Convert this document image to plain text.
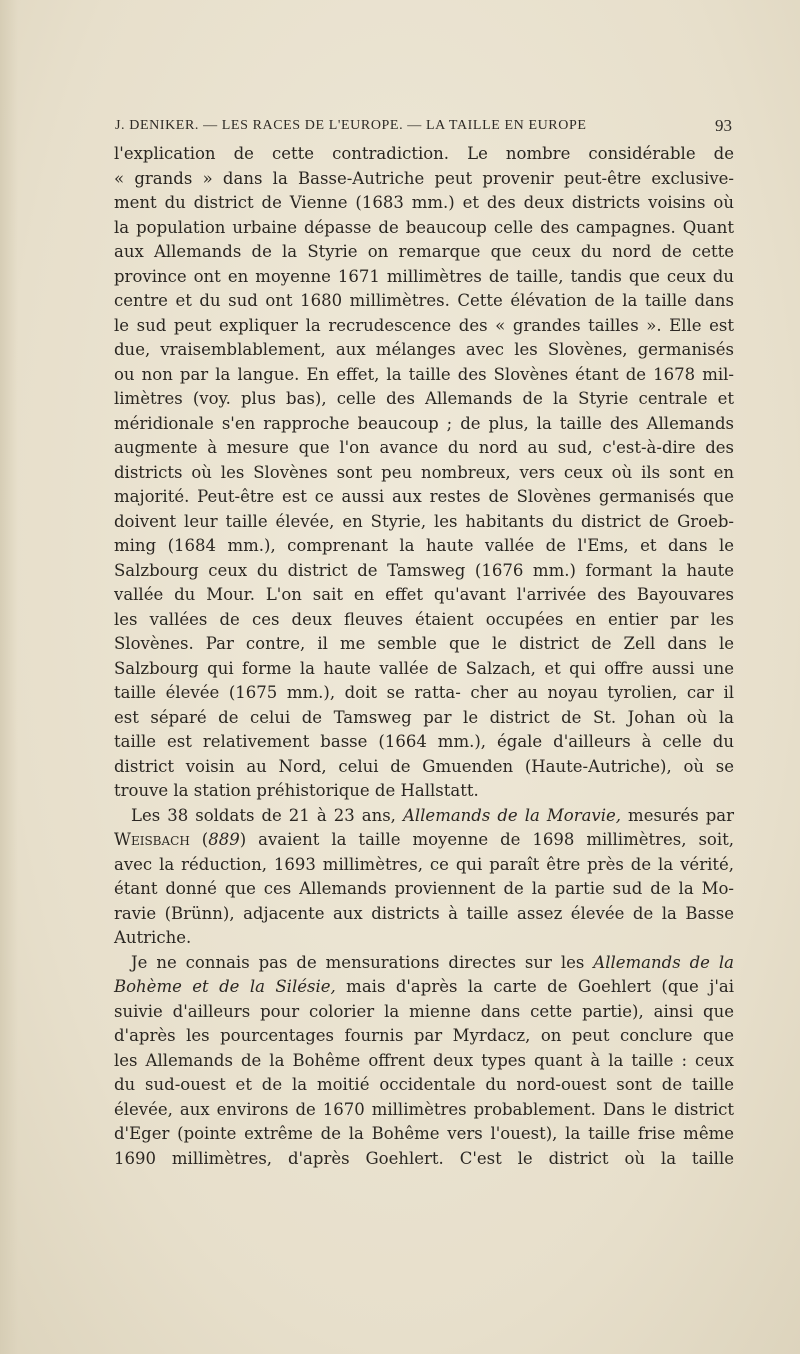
J. DENIKER. — LES RACES DE L'EUROPE. — LA TAILLE EN EUROPE	93
l'explication de cette contradiction. Le nombre considérable de
« grands » dans la Basse-Autriche peut provenir peut-être exclusive-
ment du district de Vienne (1683 mm.) et des deux districts voisins où
la population urbaine dépasse de beaucoup celle des campagnes. Quant
aux Allemands de la Styrie on remarque que ceux du nord de cette
province ont en moyenne 1671 millimètres de taille, tandis que ceux du
centre et du sud ont 1680 millimètres. Cette élévation de la taille dans
le sud peut expliquer la recrudescence des « grandes tailles ». Elle est
due, vraisemblablement, aux mélanges avec les Slovènes, germanisés
ou non par la langue. En effet, la taille des Slovènes étant de 1678 mil-
limètres (voy. plus bas), celle des Allemands de la Styrie centrale et
méridionale s'en rapproche beaucoup ; de plus, la taille des Allemands
augmente à mesure que l'on avance du nord au sud, c'est-à-dire des
districts où les Slovènes sont peu nombreux, vers ceux où ils sont en
majorité. Peut-être est ce aussi aux restes de Slovènes germanisés que
doivent leur taille élevée, en Styrie, les habitants du district de Groeb-
ming (1684 mm.), comprenant la haute vallée de l'Ems, et dans le
Salzbourg ceux du district de Tamsweg (1676 mm.) formant la haute
vallée du Mour. L'on sait en effet qu'avant l'arrivée des Bayouvares
les vallées de ces deux fleuves étaient occupées en entier par les
Slovènes. Par contre, il me semble que le district de Zell dans le
Salzbourg qui forme la haute vallée de Salzach, et qui offre aussi une
taille élevée (1675 mm.), doit se ratta- cher au noyau tyrolien, car il
est séparé de celui de Tamsweg par le district de St. Johan où la
taille est relativement basse (1664 mm.), égale d'ailleurs à celle du
district voisin au Nord, celui de Gmuenden (Haute-Autriche), où se
trouve la station préhistorique de Hallstatt.
Les 38 soldats de 21 à 23 ans, Allemands de la Moravie, mesurés par
Weisbach (889) avaient la taille moyenne de 1698 millimètres, soit,
avec la réduction, 1693 millimètres, ce qui paraît être près de la vérité,
étant donné que ces Allemands proviennent de la partie sud de la Mo-
ravie (Brünn), adjacente aux districts à taille assez élevée de la Basse
Autriche.
Je ne connais pas de mensurations directes sur les Allemands de la
Bohème et de la Silésie, mais d'après la carte de Goehlert (que j'ai
suivie d'ailleurs pour colorier la mienne dans cette partie), ainsi que
d'après les pourcentages fournis par Myrdacz, on peut conclure que
les Allemands de la Bohême offrent deux types quant à la taille : ceux
du sud-ouest et de la moitié occidentale du nord-ouest sont de taille
élevée, aux environs de 1670 millimètres probablement. Dans le district
d'Eger (pointe extrême de la Bohême vers l'ouest), la taille frise même
1690 millimètres, d'après Goehlert. C'est le district où la taille
